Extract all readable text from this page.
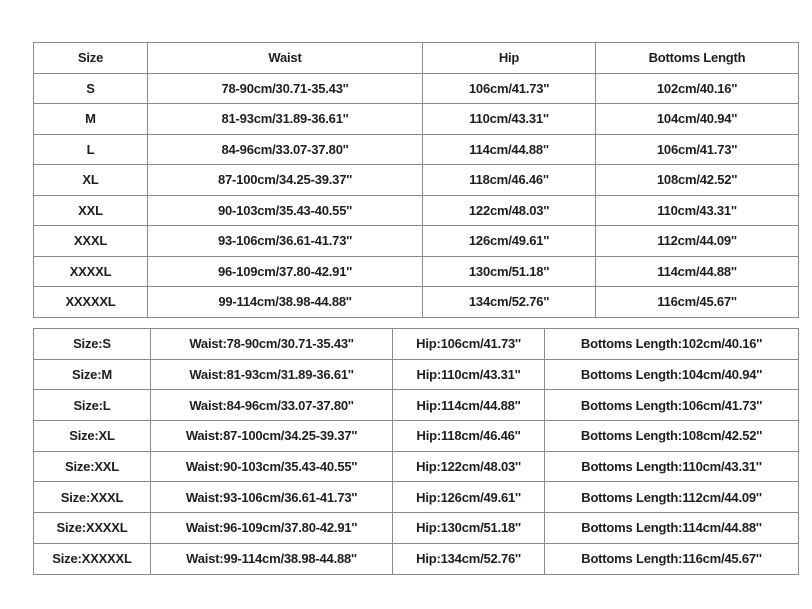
Size	Waist	Hip	Bottoms Length
S	78-90cm/30.71-35.43''	106cm/41.73''	102cm/40.16''
M	81-93cm/31.89-36.61''	110cm/43.31''	104cm/40.94''
L	84-96cm/33.07-37.80''	114cm/44.88''	106cm/41.73''
XL	87-100cm/34.25-39.37''	118cm/46.46''	108cm/42.52''
XXL	90-103cm/35.43-40.55''	122cm/48.03''	110cm/43.31''
XXXL	93-106cm/36.61-41.73''	126cm/49.61''	112cm/44.09''
XXXXL	96-109cm/37.80-42.91''	130cm/51.18''	114cm/44.88''
XXXXXL	99-114cm/38.98-44.88''	134cm/52.76''	116cm/45.67''
Size:S	Waist:78-90cm/30.71-35.43''	Hip:106cm/41.73''	Bottoms Length:102cm/40.16''
Size:M	Waist:81-93cm/31.89-36.61''	Hip:110cm/43.31''	Bottoms Length:104cm/40.94''
Size:L	Waist:84-96cm/33.07-37.80''	Hip:114cm/44.88''	Bottoms Length:106cm/41.73''
Size:XL	Waist:87-100cm/34.25-39.37''	Hip:118cm/46.46''	Bottoms Length:108cm/42.52''
Size:XXL	Waist:90-103cm/35.43-40.55''	Hip:122cm/48.03''	Bottoms Length:110cm/43.31''
Size:XXXL	Waist:93-106cm/36.61-41.73''	Hip:126cm/49.61''	Bottoms Length:112cm/44.09''
Size:XXXXL	Waist:96-109cm/37.80-42.91''	Hip:130cm/51.18''	Bottoms Length:114cm/44.88''
Size:XXXXXL	Waist:99-114cm/38.98-44.88''	Hip:134cm/52.76''	Bottoms Length:116cm/45.67''
